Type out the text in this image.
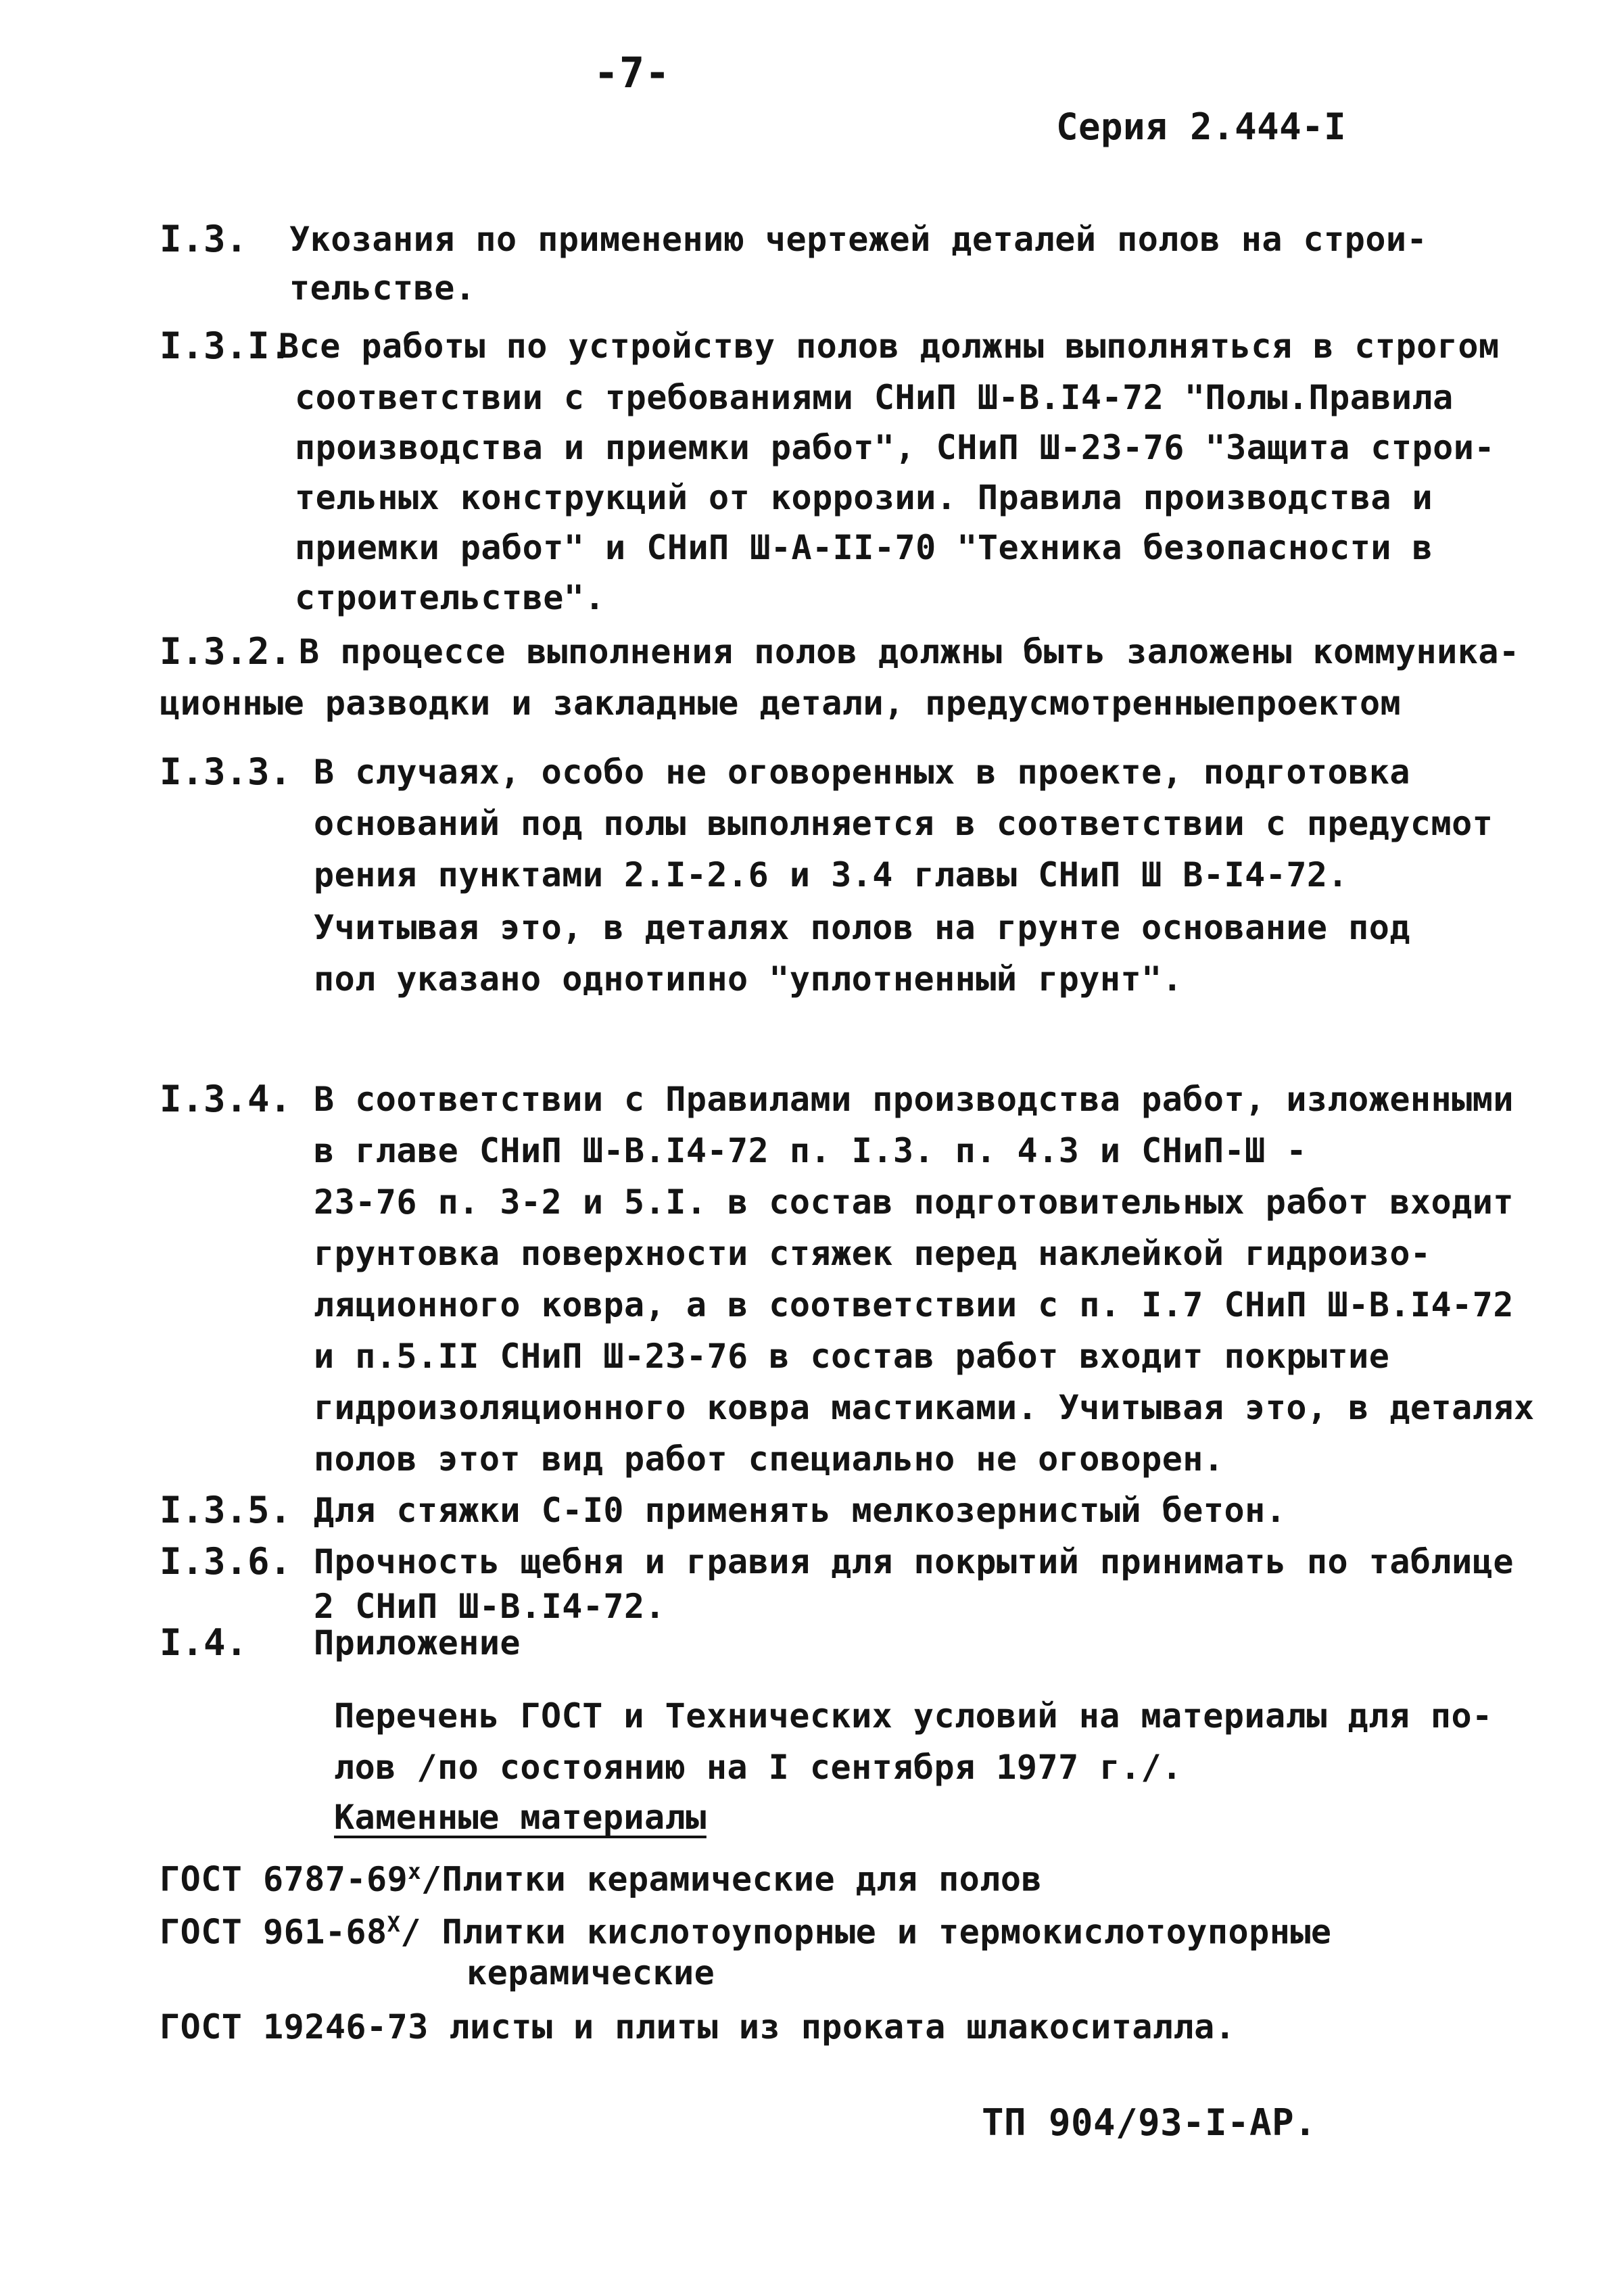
-7-
Серия 2.444-I
I.3. Укозания по применению чертежей деталей полов на строи-
тельстве.
I.3.I.
Все работы по устройству полов должны выполняться в строгом
соответствии с требованиями СНиП Ш-В.I4-72 "Полы.Правила
производства и приемки работ", СНиП Ш-23-76 "Защита строи-
тельных конструкций от коррозии. Правила производства и
приемки работ" и СНиП Ш-А-II-70 "Техника безопасности в
строительстве".
I.3.2. В процессе выполнения полов должны быть заложены коммуника-
ционные разводки и закладные детали, предусмотренныепроектом
I.3.3. В случаях, особо не оговоренных в проекте, подготовка
оснований под полы выполняется в соответствии с предусмот
рения пунктами 2.I-2.6 и 3.4 главы СНиП Ш В-I4-72.
Учитывая это, в деталях полов на грунте основание под
пол указано однотипно "уплотненный грунт".
I.3.4. В соответствии с Правилами производства работ, изложенными
в главе СНиП Ш-В.I4-72 п. I.3. п. 4.3 и СНиП-Ш -
23-76 п. 3-2 и 5.I. в состав подготовительных работ входит
грунтовка поверхности стяжек перед наклейкой гидроизо-
ляционного ковра, а в соответствии с п. I.7 СНиП Ш-В.I4-72
и п.5.II СНиП Ш-23-76 в состав работ входит покрытие
гидроизоляционного ковра мастиками. Учитывая это, в деталях
полов этот вид работ специально не оговорен.
I.3.5. Для стяжки С-I0 применять мелкозернистый бетон.
I.3.6. Прочность щебня и гравия для покрытий принимать по таблице
2 СНиП Ш-В.I4-72.
I.4. Приложение
Перечень ГОСТ и Технических условий на материалы для по-
лов /по состоянию на I сентября 1977 г./.
Каменные материалы
ГОСТ $6787-69^х$/Плитки керамические для полов
ГОСТ $961-68^Х/$ Плитки кислотоупорные и термокислотоупорные
керамические
ГОСТ 19246-73 листы и плиты из проката шлакоситалла.
ТП 904/93-I-АР.
